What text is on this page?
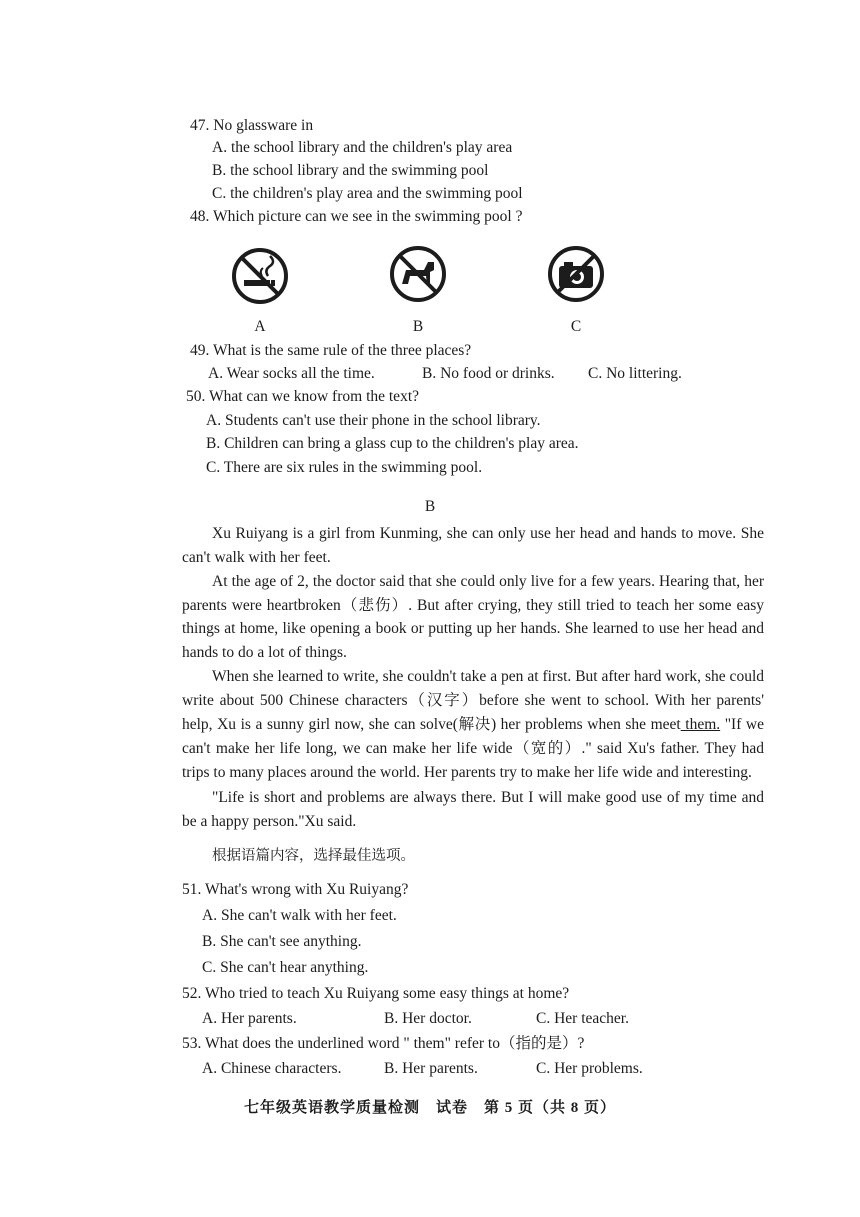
47. No glassware in
A. the school library and the children's play area
B. the school library and the swimming pool
C. the children's play area and the swimming pool
48. Which picture can we see in the swimming pool ?
A	B	C
49. What is the same rule of the three places?
A. Wear socks all the time.	B. No food or drinks. C. No littering.
50. What can we know from the text?
A. Students can't use their phone in the school library.
B. Children can bring a glass cup to the children's play area.
C. There are six rules in the swimming pool.
B
Xu Ruiyang is a girl from Kunming, she can only use her head and hands to move. She can't walk with her feet.
At the age of 2, the doctor said that she could only live for a few years. Hearing that, her parents were heartbroken（悲伤）. But after crying, they still tried to teach her some easy things at home, like opening a book or putting up her hands. She learned to use her head and hands to do a lot of things.
When she learned to write, she couldn't take a pen at first. But after hard work, she could write about 500 Chinese characters（汉字）before she went to school. With her parents' help, Xu is a sunny girl now, she can solve(解决) her problems when she meet them. "If we can't make her life long, we can make her life wide（宽的）." said Xu's father. They had trips to many places around the world. Her parents try to make her life wide and interesting.
"Life is short and problems are always there. But I will make good use of my time and be a happy person."Xu said.
根据语篇内容，选择最佳选项。
51. What's wrong with Xu Ruiyang?
A. She can't walk with her feet.
B. She can't see anything.
C. She can't hear anything.
52. Who tried to teach Xu Ruiyang some easy things at home?
A. Her parents.	B. Her doctor.	C. Her teacher.
53. What does the underlined word " them" refer to（指的是）?
A. Chinese characters.	B. Her parents.	C. Her problems.
七年级英语教学质量检测　试卷　第 5 页（共 8 页）
